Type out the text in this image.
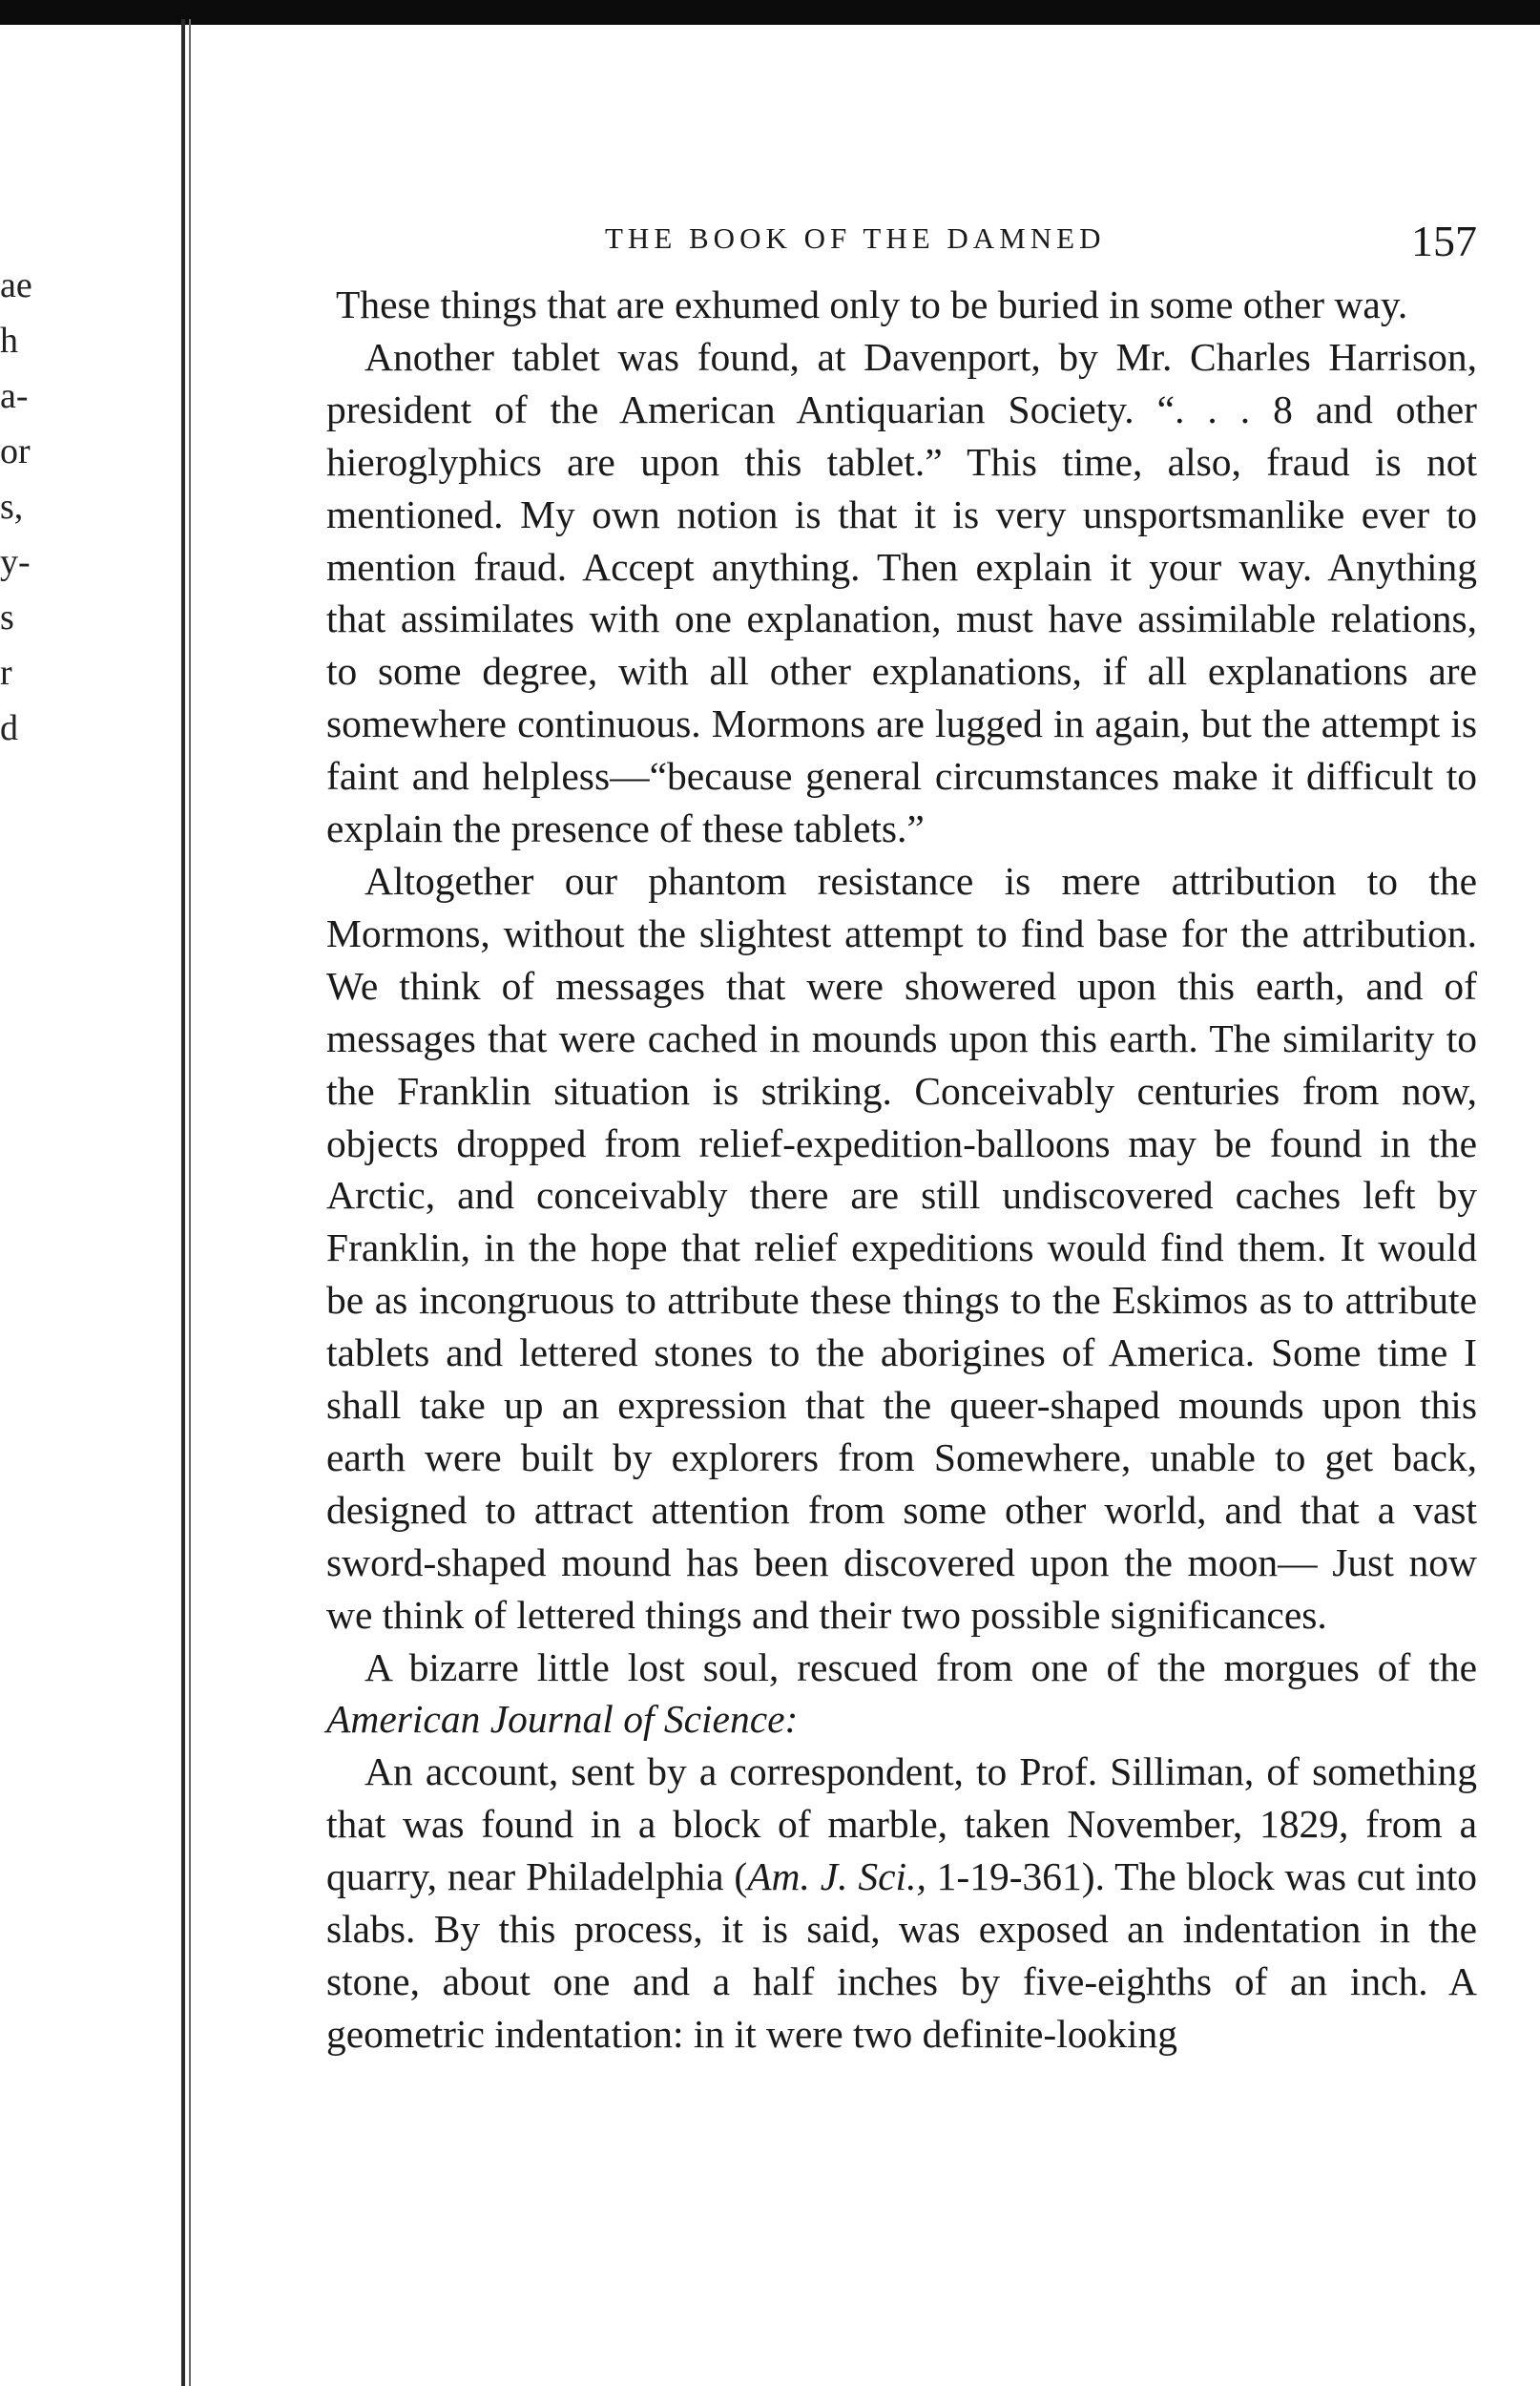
ae
h
a-
or
s,
y-
s
r
d
THE BOOK OF THE DAMNED	157

These things that are exhumed only to be buried in some other way.

Another tablet was found, at Davenport, by Mr. Charles Harrison, president of the American Antiquarian Society. “. . . 8 and other hieroglyphics are upon this tablet.” This time, also, fraud is not mentioned. My own notion is that it is very unsportsmanlike ever to mention fraud. Accept anything. Then explain it your way. Anything that assimilates with one explanation, must have assimilable relations, to some degree, with all other explanations, if all explanations are somewhere continuous. Mormons are lugged in again, but the attempt is faint and helpless—“because general circumstances make it difficult to explain the presence of these tablets.”

Altogether our phantom resistance is mere attribution to the Mormons, without the slightest attempt to find base for the attribution. We think of messages that were showered upon this earth, and of messages that were cached in mounds upon this earth. The similarity to the Franklin situation is striking. Conceivably centuries from now, objects dropped from relief-expedition-balloons may be found in the Arctic, and conceivably there are still undiscovered caches left by Franklin, in the hope that relief expeditions would find them. It would be as incongruous to attribute these things to the Eskimos as to attribute tablets and lettered stones to the aborigines of America. Some time I shall take up an expression that the queer-shaped mounds upon this earth were built by explorers from Somewhere, unable to get back, designed to attract attention from some other world, and that a vast sword-shaped mound has been discovered upon the moon— Just now we think of lettered things and their two possible significances.

A bizarre little lost soul, rescued from one of the morgues of the American Journal of Science:

An account, sent by a correspondent, to Prof. Silliman, of something that was found in a block of marble, taken November, 1829, from a quarry, near Philadelphia (Am. J. Sci., 1-19-361). The block was cut into slabs. By this process, it is said, was exposed an indentation in the stone, about one and a half inches by five-eighths of an inch. A geometric indentation: in it were two definite-looking
